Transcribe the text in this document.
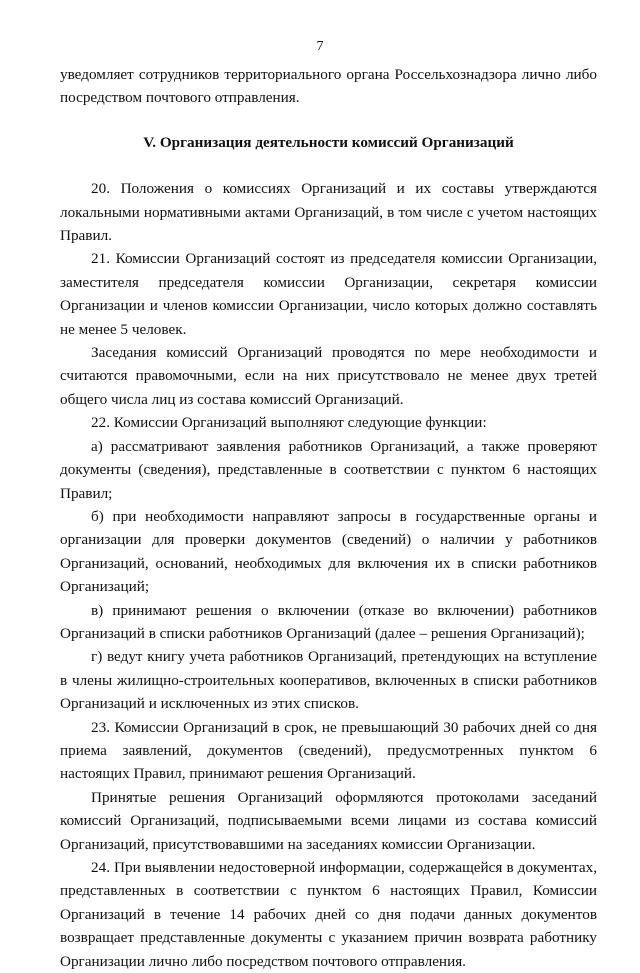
7

уведомляет сотрудников территориального органа Россельхознадзора лично либо посредством почтового отправления.

V. Организация деятельности комиссий Организаций

20. Положения о комиссиях Организаций и их составы утверждаются локальными нормативными актами Организаций, в том числе с учетом настоящих Правил.

21. Комиссии Организаций состоят из председателя комиссии Организации, заместителя председателя комиссии Организации, секретаря комиссии Организации и членов комиссии Организации, число которых должно составлять не менее 5 человек.

Заседания комиссий Организаций проводятся по мере необходимости и считаются правомочными, если на них присутствовало не менее двух третей общего числа лиц из состава комиссий Организаций.

22. Комиссии Организаций выполняют следующие функции:

а) рассматривают заявления работников Организаций, а также проверяют документы (сведения), представленные в соответствии с пунктом 6 настоящих Правил;

б) при необходимости направляют запросы в государственные органы и организации для проверки документов (сведений) о наличии у работников Организаций, оснований, необходимых для включения их в списки работников Организаций;

в) принимают решения о включении (отказе во включении) работников Организаций в списки работников Организаций (далее – решения Организаций);

г) ведут книгу учета работников Организаций, претендующих на вступление в члены жилищно-строительных кооперативов, включенных в списки работников Организаций и исключенных из этих списков.

23. Комиссии Организаций в срок, не превышающий 30 рабочих дней со дня приема заявлений, документов (сведений), предусмотренных пунктом 6 настоящих Правил, принимают решения Организаций.

Принятые решения Организаций оформляются протоколами заседаний комиссий Организаций, подписываемыми всеми лицами из состава комиссий Организаций, присутствовавшими на заседаниях комиссии Организации.

24. При выявлении недостоверной информации, содержащейся в документах, представленных в соответствии с пунктом 6 настоящих Правил, Комиссии Организаций в течение 14 рабочих дней со дня подачи данных документов возвращает представленные документы с указанием причин возврата работнику Организации лично либо посредством почтового отправления.
